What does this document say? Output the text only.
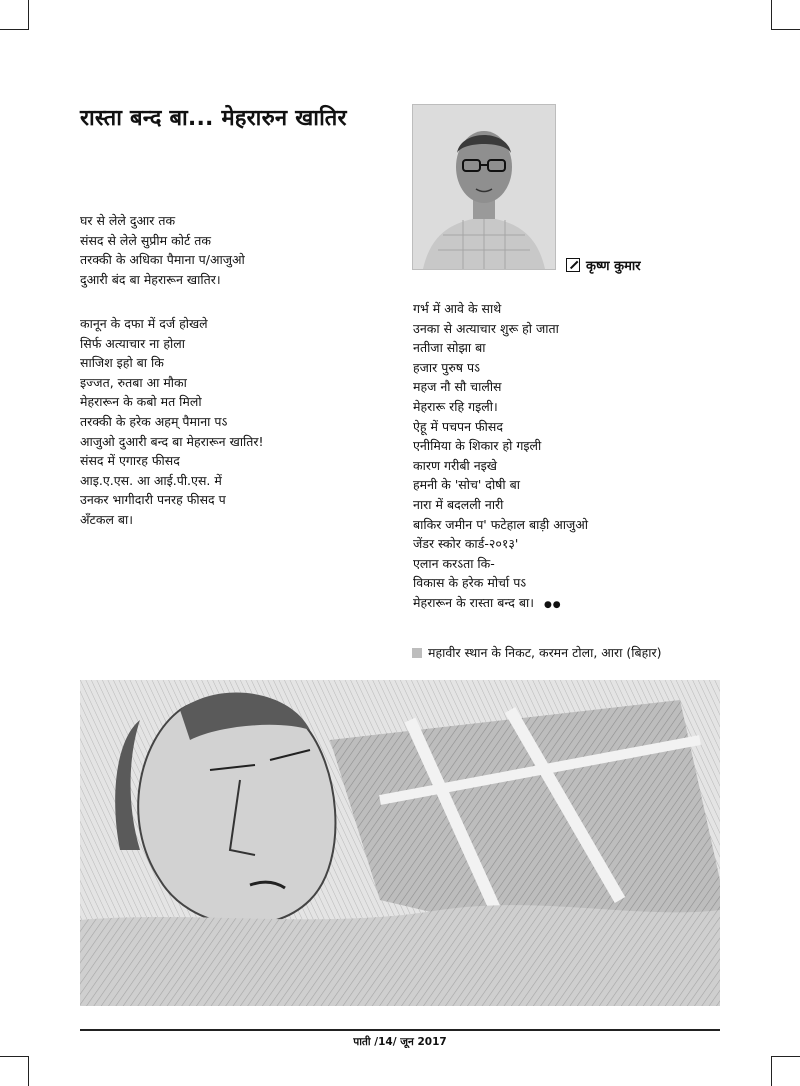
रास्ता बन्द बा... मेहरारुन खातिर
घर से लेले दुआर तक
संसद से लेले सुप्रीम कोर्ट तक
तरक्की के अधिका पैमाना प/आजुओ
दुआरी बंद बा मेहरारून खातिर।
कानून के दफा में दर्ज होखले
सिर्फ अत्याचार ना होला
साजिश इहो बा कि
इज्जत, रुतबा आ मौका
मेहरारून के कबो मत मिलो
तरक्की के हरेक अहम् पैमाना पऽ
आजुओ दुआरी बन्द बा मेहरारून खातिर!
संसद में एगारह फीसद
आइ.ए.एस. आ आई.पी.एस. में
उनकर भागीदारी पनरह फीसद प
अँटकल बा।
कृष्ण कुमार
गर्भ में आवे के साथे
उनका से अत्याचार शुरू हो जाता
नतीजा सोझा बा
हजार पुरुष पऽ
महज नौ सौ चालीस
मेहरारू रहि गइली।
ऐहू में पचपन फीसद
एनीमिया के शिकार हो गइली
कारण गरीबी नइखे
हमनी के 'सोच' दोषी बा
नारा में बदलली नारी
बाकिर जमीन प' फटेहाल बाड़ी आजुओ
जेंडर स्कोर कार्ड-२०१३'
एलान करऽता कि-
विकास के हरेक मोर्चा पऽ
मेहरारून के रास्ता बन्द बा। ●●
महावीर स्थान के निकट, करमन टोला, आरा (बिहार)
पाती /14/ जून 2017
